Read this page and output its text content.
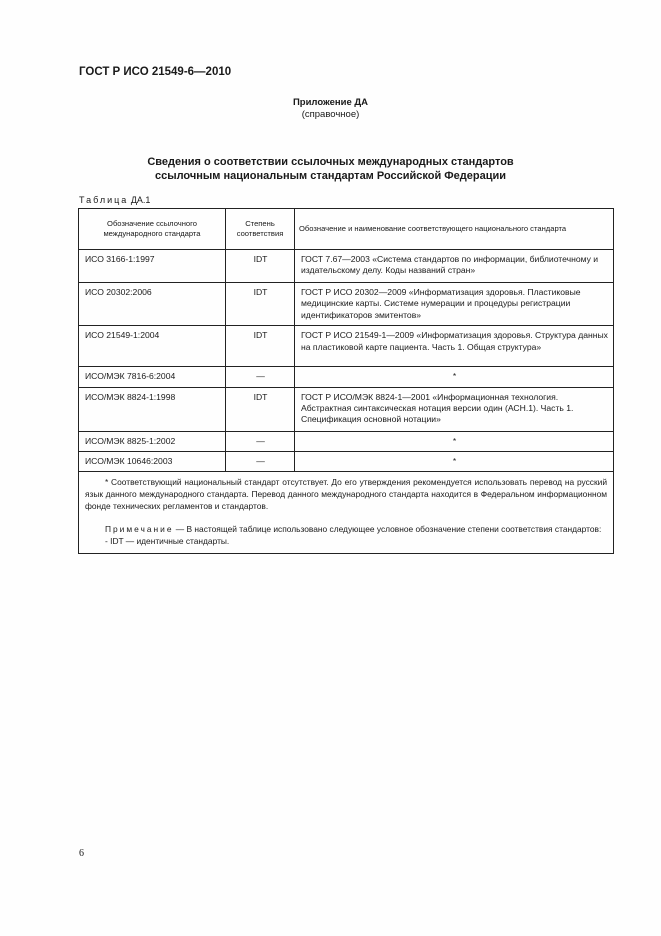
ГОСТ Р ИСО 21549-6—2010
Приложение ДА
(справочное)
Сведения о соответствии ссылочных международных стандартов
ссылочным национальным стандартам Российской Федерации
Таблица ДА.1
Обозначение ссылочного международного стандарта	Степень соответствия	Обозначение и наименование соответствующего национального стандарта
ИСО 3166-1:1997	IDT	ГОСТ 7.67—2003 «Система стандартов по информации, библиотечному и издательскому делу. Коды названий стран»
ИСО 20302:2006	IDT	ГОСТ Р ИСО 20302—2009 «Информатизация здоровья. Пластиковые медицинские карты. Системе нумерации и процедуры регистрации идентификаторов эмитентов»
ИСО 21549-1:2004	IDT	ГОСТ Р ИСО 21549-1—2009 «Информатизация здоровья. Структура данных на пластиковой карте пациента. Часть 1. Общая структура»
ИСО/МЭК 7816-6:2004	—	*
ИСО/МЭК 8824-1:1998	IDT	ГОСТ Р ИСО/МЭК 8824-1—2001 «Информационная технология. Абстрактная синтаксическая нотация версии один (АСН.1). Часть 1. Спецификация основной нотации»
ИСО/МЭК 8825-1:2002	—	*
ИСО/МЭК 10646:2003	—	*

* Соответствующий национальный стандарт отсутствует. До его утверждения рекомендуется использовать перевод на русский язык данного международного стандарта. Перевод данного международного стандарта находится в Федеральном информационном фонде технических регламентов и стандартов.
Примечание — В настоящей таблице использовано следующее условное обозначение степени соответствия стандартов:
- IDT — идентичные стандарты.		
6
